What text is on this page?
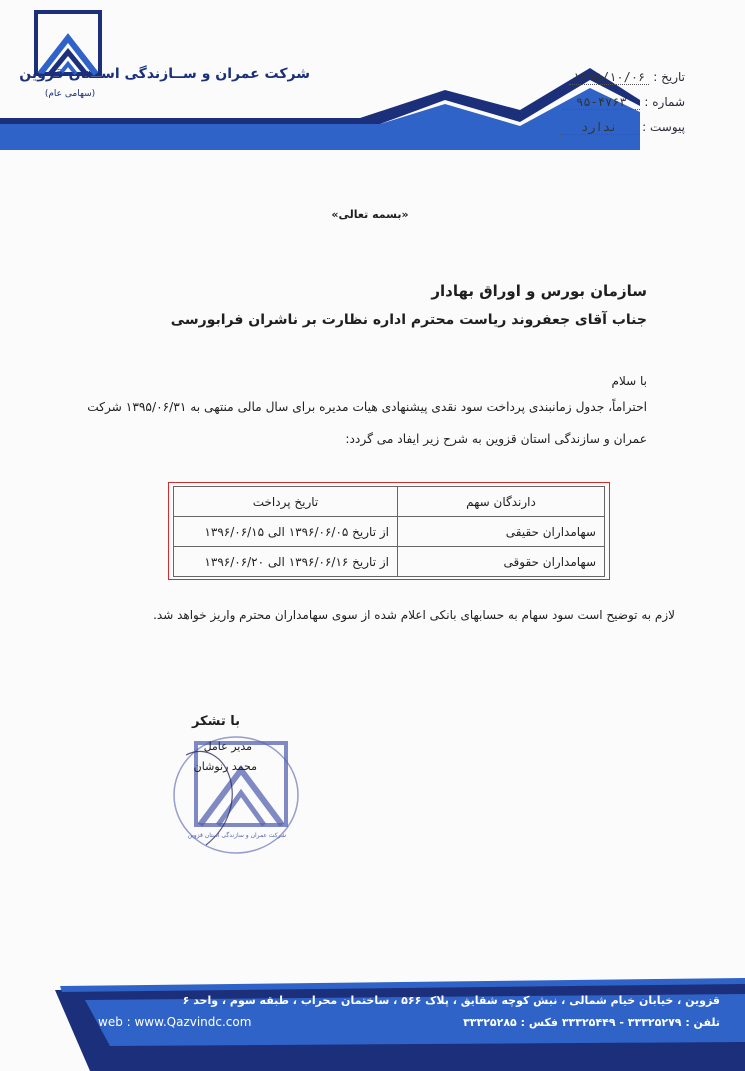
شرکت عمران و ســازندگی اســتان قزوین
(سهامی عام)
تاریخ :۱۳۹۵/۱۰/۰۶
شماره :۹۵-۴۷۶۳
پیوست :ندارد
«بسمه تعالی»
سازمان بورس و اوراق بهادار
جناب آقای جعفروند ریاست محترم اداره نظارت بر ناشران فرابورسی
با سلام
احتراماً، جدول زمانبندی پرداخت سود نقدی پیشنهادی هیات مدیره برای سال مالی منتهی به ۱۳۹۵/۰۶/۳۱ شرکت
عمران و سازندگی استان قزوین به شرح زیر ایفاد می گردد:
دارندگان سهم	تاریخ پرداخت
سهامداران حقیقی	از تاریخ ۱۳۹۶/۰۶/۰۵ الی ۱۳۹۶/۰۶/۱۵
سهامداران حقوقی	از تاریخ ۱۳۹۶/۰۶/۱۶ الی ۱۳۹۶/۰۶/۲۰
لازم به توضیح است سود سهام به حسابهای بانکی اعلام شده از سوی سهامداران محترم واریز خواهد شد.
شرکت عمران و سازندگی استان قزوین
با تشکر
مدیر عامل
محمد رنوشان
قزوین ، خیابان خیام شمالی ، نبش کوچه شقایق ، پلاک ۵۶۶ ، ساختمان محراب ، طبقه سوم ، واحد ۶
تلفن : ۳۳۳۲۵۲۷۹ - ۳۳۳۲۵۴۴۹ فکس : ۳۳۳۲۵۲۸۵
web : www.Qazvindc.com
